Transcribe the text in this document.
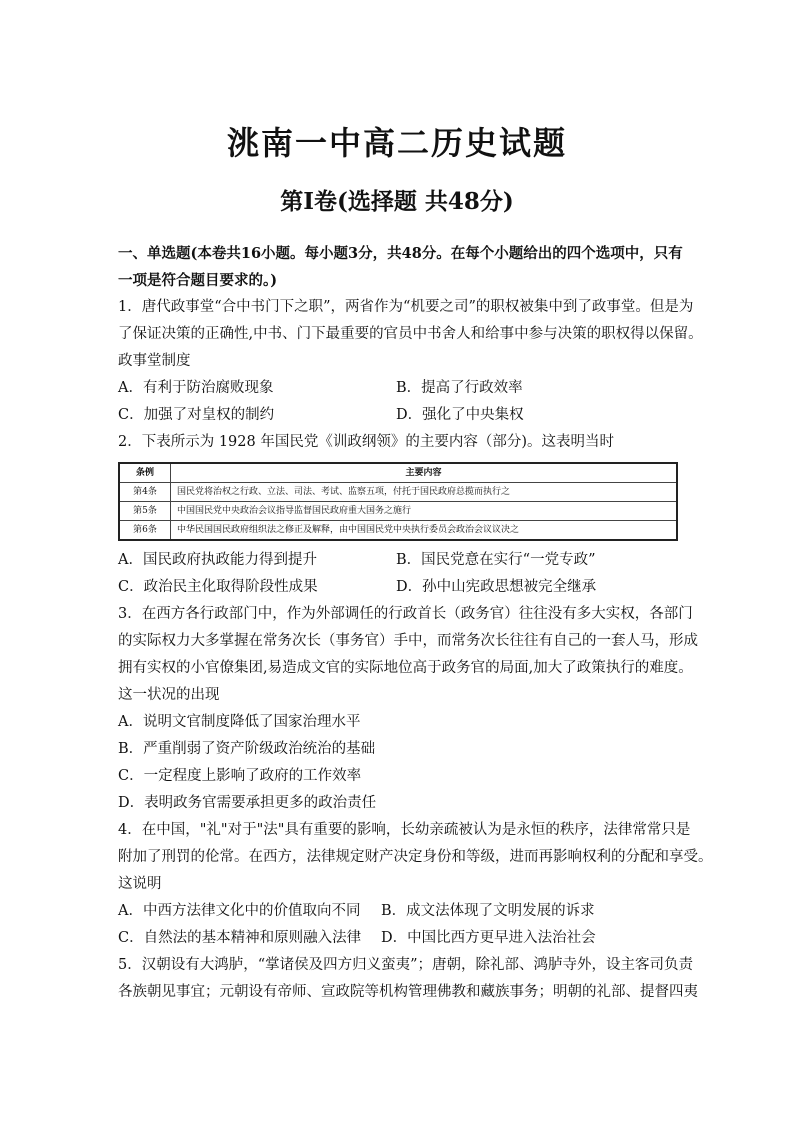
洮南一中高二历史试题
第Ⅰ卷(选择题 共48分)
一、单选题(本卷共16小题。每小题3分，共48分。在每个小题给出的四个选项中，只有
一项是符合题目要求的。)
1．唐代政事堂“合中书门下之职”，两省作为“机要之司”的职权被集中到了政事堂。但是为
了保证决策的正确性,中书、门下最重要的官员中书舍人和给事中参与决策的职权得以保留。
政事堂制度
A．有利于防治腐败现象	B．提高了行政效率
C．加强了对皇权的制约	D．强化了中央集权
2．下表所示为 1928 年国民党《训政纲领》的主要内容（部分)。这表明当时
条例	主要内容
第4条	国民党将治权之行政、立法、司法、考试、监察五项，付托于国民政府总揽而执行之
第5条	中国国民党中央政治会议指导监督国民政府重大国务之施行
第6条	中华民国国民政府组织法之修正及解释，由中国国民党中央执行委员会政治会议议决之
A．国民政府执政能力得到提升	B．国民党意在实行“一党专政”
C．政治民主化取得阶段性成果	D．孙中山宪政思想被完全继承
3．在西方各行政部门中，作为外部调任的行政首长（政务官）往往没有多大实权，各部门
的实际权力大多掌握在常务次长（事务官）手中，而常务次长往往有自己的一套人马，形成
拥有实权的小官僚集团,易造成文官的实际地位高于政务官的局面,加大了政策执行的难度。
这一状况的出现
A．说明文官制度降低了国家治理水平
B．严重削弱了资产阶级政治统治的基础
C．一定程度上影响了政府的工作效率
D．表明政务官需要承担更多的政治责任
4．在中国，"礼"对于"法"具有重要的影响，长幼亲疏被认为是永恒的秩序，法律常常只是
附加了刑罚的伦常。在西方，法律规定财产决定身份和等级，进而再影响权利的分配和享受。
这说明
A．中西方法律文化中的价值取向不同	B．成文法体现了文明发展的诉求
C．自然法的基本精神和原则融入法律	D．中国比西方更早进入法治社会
5．汉朝设有大鸿胪，“掌诸侯及四方归义蛮夷”；唐朝，除礼部、鸿胪寺外，设主客司负责
各族朝见事宜；元朝设有帝师、宣政院等机构管理佛教和藏族事务；明朝的礼部、提督四夷
